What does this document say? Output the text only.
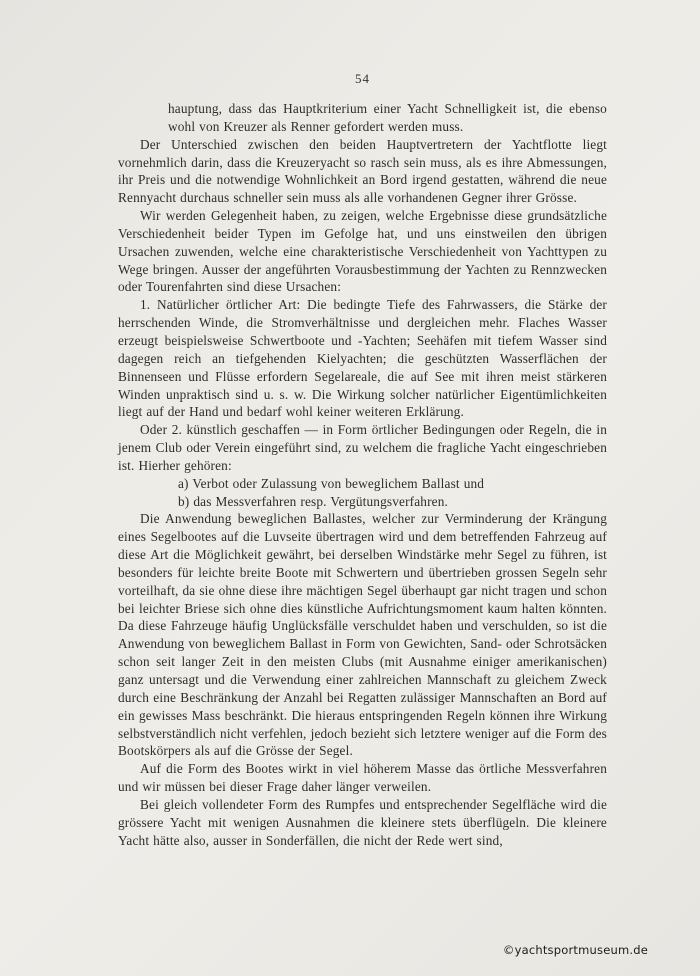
54

hauptung, dass das Hauptkriterium einer Yacht Schnelligkeit ist, die ebenso wohl von Kreuzer als Renner gefordert werden muss.

Der Unterschied zwischen den beiden Hauptvertretern der Yachtflotte liegt vornehmlich darin, dass die Kreuzeryacht so rasch sein muss, als es ihre Abmessungen, ihr Preis und die notwendige Wohnlichkeit an Bord irgend gestatten, während die neue Rennyacht durchaus schneller sein muss als alle vorhandenen Gegner ihrer Grösse.

Wir werden Gelegenheit haben, zu zeigen, welche Ergebnisse diese grundsätzliche Verschiedenheit beider Typen im Gefolge hat, und uns einstweilen den übrigen Ursachen zuwenden, welche eine charakteristische Verschiedenheit von Yachttypen zu Wege bringen. Ausser der angeführten Vorausbestimmung der Yachten zu Rennzwecken oder Tourenfahrten sind diese Ursachen:

1. Natürlicher örtlicher Art: Die bedingte Tiefe des Fahrwassers, die Stärke der herrschenden Winde, die Stromverhältnisse und dergleichen mehr. Flaches Wasser erzeugt beispielsweise Schwertboote und -Yachten; Seehäfen mit tiefem Wasser sind dagegen reich an tiefgehenden Kielyachten; die geschützten Wasserflächen der Binnenseen und Flüsse erfordern Segelareale, die auf See mit ihren meist stärkeren Winden unpraktisch sind u. s. w. Die Wirkung solcher natürlicher Eigentümlichkeiten liegt auf der Hand und bedarf wohl keiner weiteren Erklärung.

Oder 2. künstlich geschaffen — in Form örtlicher Bedingungen oder Regeln, die in jenem Club oder Verein eingeführt sind, zu welchem die fragliche Yacht eingeschrieben ist. Hierher gehören:

a) Verbot oder Zulassung von beweglichem Ballast und

b) das Messverfahren resp. Vergütungsverfahren.

Die Anwendung beweglichen Ballastes, welcher zur Verminderung der Krängung eines Segelbootes auf die Luvseite übertragen wird und dem betreffenden Fahrzeug auf diese Art die Möglichkeit gewährt, bei derselben Windstärke mehr Segel zu führen, ist besonders für leichte breite Boote mit Schwertern und übertrieben grossen Segeln sehr vorteilhaft, da sie ohne diese ihre mächtigen Segel überhaupt gar nicht tragen und schon bei leichter Briese sich ohne dies künstliche Aufrichtungsmoment kaum halten könnten. Da diese Fahrzeuge häufig Unglücksfälle verschuldet haben und verschulden, so ist die Anwendung von beweglichem Ballast in Form von Gewichten, Sand- oder Schrotsäcken schon seit langer Zeit in den meisten Clubs (mit Ausnahme einiger amerikanischen) ganz untersagt und die Verwendung einer zahlreichen Mannschaft zu gleichem Zweck durch eine Beschränkung der Anzahl bei Regatten zulässiger Mannschaften an Bord auf ein gewisses Mass beschränkt. Die hieraus entspringenden Regeln können ihre Wirkung selbstverständlich nicht verfehlen, jedoch bezieht sich letztere weniger auf die Form des Bootskörpers als auf die Grösse der Segel.

Auf die Form des Bootes wirkt in viel höherem Masse das örtliche Messverfahren und wir müssen bei dieser Frage daher länger verweilen.

Bei gleich vollendeter Form des Rumpfes und entsprechender Segelfläche wird die grössere Yacht mit wenigen Ausnahmen die kleinere stets überflügeln. Die kleinere Yacht hätte also, ausser in Sonderfällen, die nicht der Rede wert sind,

©yachtsportmuseum.de
